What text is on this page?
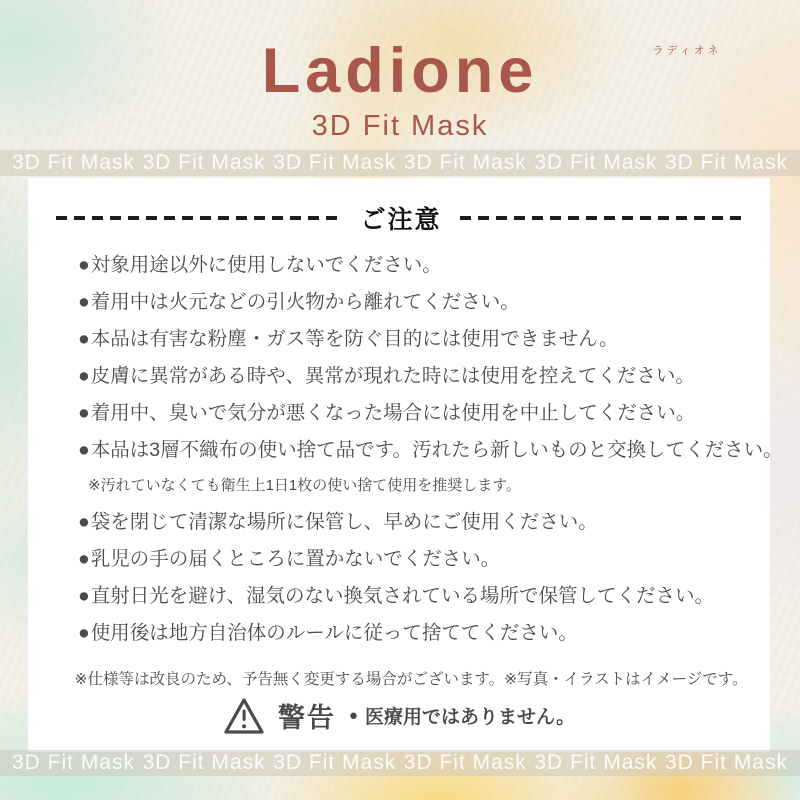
Ladione	ラディオネ
3D Fit Mask
3D Fit Mask 3D Fit Mask 3D Fit Mask 3D Fit Mask 3D Fit Mask 3D Fit Mask
ご注意
●対象用途以外に使用しないでください。
●着用中は火元などの引火物から離れてください。
●本品は有害な粉塵・ガス等を防ぐ目的には使用できません。
●皮膚に異常がある時や、異常が現れた時には使用を控えてください。
●着用中、臭いで気分が悪くなった場合には使用を中止してください。
●本品は3層不織布の使い捨て品です。汚れたら新しいものと交換してください。
※汚れていなくても衛生上1日1枚の使い捨て使用を推奨します。
●袋を閉じて清潔な場所に保管し、早めにご使用ください。
●乳児の手の届くところに置かないでください。
●直射日光を避け、湿気のない換気されている場所で保管してください。
●使用後は地方自治体のルールに従って捨ててください。
※仕様等は改良のため、予告無く変更する場合がございます。※写真・イラストはイメージです。
警告 ● 医療用ではありません。
3D Fit Mask 3D Fit Mask 3D Fit Mask 3D Fit Mask 3D Fit Mask 3D Fit Mask
